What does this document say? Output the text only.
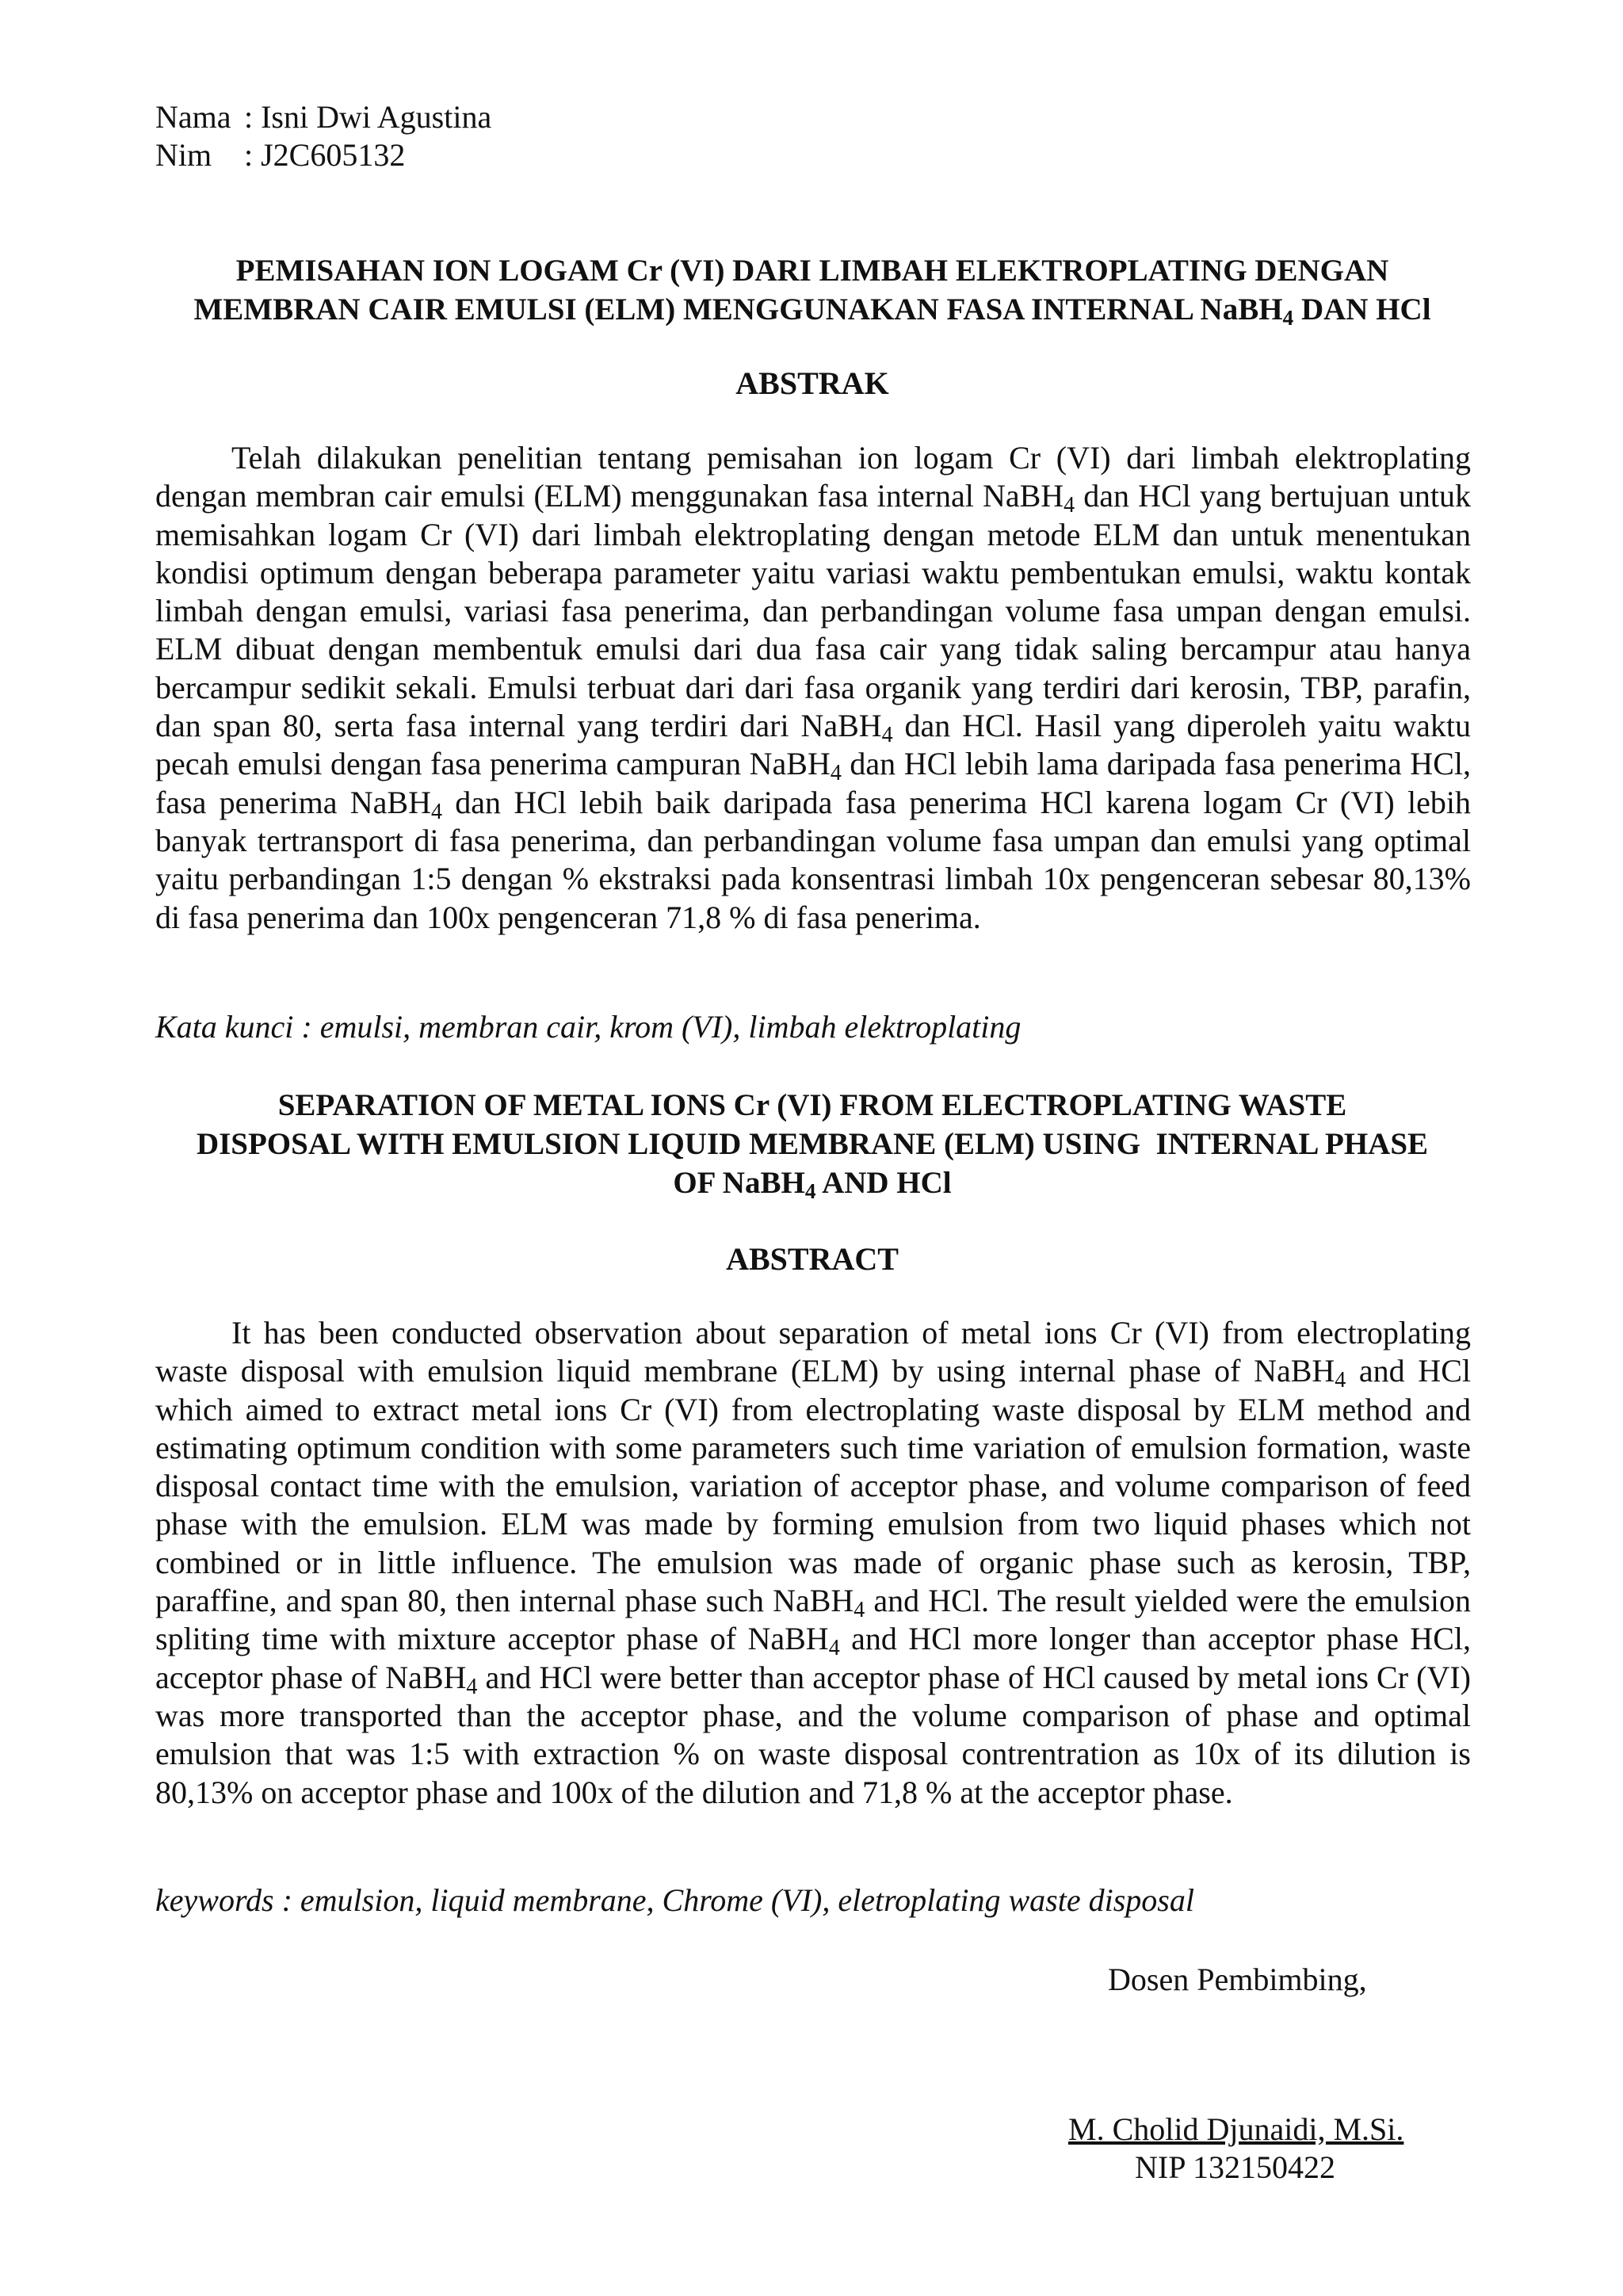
Nama : Isni Dwi Agustina
Nim : J2C605132
PEMISAHAN ION LOGAM Cr (VI) DARI LIMBAH ELEKTROPLATING DENGAN
MEMBRAN CAIR EMULSI (ELM) MENGGUNAKAN FASA INTERNAL NaBH$_4$ DAN HCl
ABSTRAK

Telah dilakukan penelitian tentang pemisahan ion logam Cr (VI) dari limbah elektroplating dengan membran cair emulsi (ELM) menggunakan fasa internal NaBH$_4$ dan HCl yang bertujuan untuk memisahkan logam Cr (VI) dari limbah elektroplating dengan metode ELM dan untuk menentukan kondisi optimum dengan beberapa parameter yaitu variasi waktu pembentukan emulsi, waktu kontak limbah dengan emulsi, variasi fasa penerima, dan perbandingan volume fasa umpan dengan emulsi. ELM dibuat dengan membentuk emulsi dari dua fasa cair yang tidak saling bercampur atau hanya bercampur sedikit sekali. Emulsi terbuat dari dari fasa organik yang terdiri dari kerosin, TBP, parafin, dan span 80, serta fasa internal yang terdiri dari NaBH$_4$ dan HCl. Hasil yang diperoleh yaitu waktu pecah emulsi dengan fasa penerima campuran NaBH$_4$ dan HCl lebih lama daripada fasa penerima HCl, fasa penerima NaBH$_4$ dan HCl lebih baik daripada fasa penerima HCl karena logam Cr (VI) lebih banyak tertransport di fasa penerima, dan perbandingan volume fasa umpan dan emulsi yang optimal yaitu perbandingan 1:5 dengan % ekstraksi pada konsentrasi limbah 10x pengenceran sebesar 80,13% di fasa penerima dan 100x pengenceran 71,8 % di fasa penerima.

Kata kunci : emulsi, membran cair, krom (VI), limbah elektroplating

SEPARATION OF METAL IONS Cr (VI) FROM ELECTROPLATING WASTE
DISPOSAL WITH EMULSION LIQUID MEMBRANE (ELM) USING  INTERNAL PHASE
OF NaBH$_4$ AND HCl
ABSTRACT

It has been conducted observation about separation of metal ions Cr (VI) from electroplating waste disposal with emulsion liquid membrane (ELM) by using internal phase of NaBH$_4$ and HCl which aimed to extract metal ions Cr (VI) from electroplating waste disposal by ELM method and estimating optimum condition with some parameters such time variation of emulsion formation, waste disposal contact time with the emulsion, variation of acceptor phase, and volume comparison of feed phase with the emulsion. ELM was made by forming emulsion from two liquid phases which not combined or in little influence. The emulsion was made of organic phase such as kerosin, TBP, paraffine, and span 80, then internal phase such NaBH$_4$ and HCl. The result yielded were the emulsion spliting time with mixture acceptor phase of NaBH$_4$ and HCl more longer than acceptor phase HCl, acceptor phase of NaBH$_4$ and HCl were better than acceptor phase of HCl caused by metal ions Cr (VI) was more transported than the acceptor phase, and the volume comparison of phase and optimal emulsion that was 1:5 with extraction % on waste disposal contrentration as 10x of its dilution is 80,13% on acceptor phase and 100x of the dilution and 71,8 % at the acceptor phase.

keywords : emulsion, liquid membrane, Chrome (VI), eletroplating waste disposal

Dosen Pembimbing,
M. Cholid Djunaidi, M.Si.
NIP 132150422
